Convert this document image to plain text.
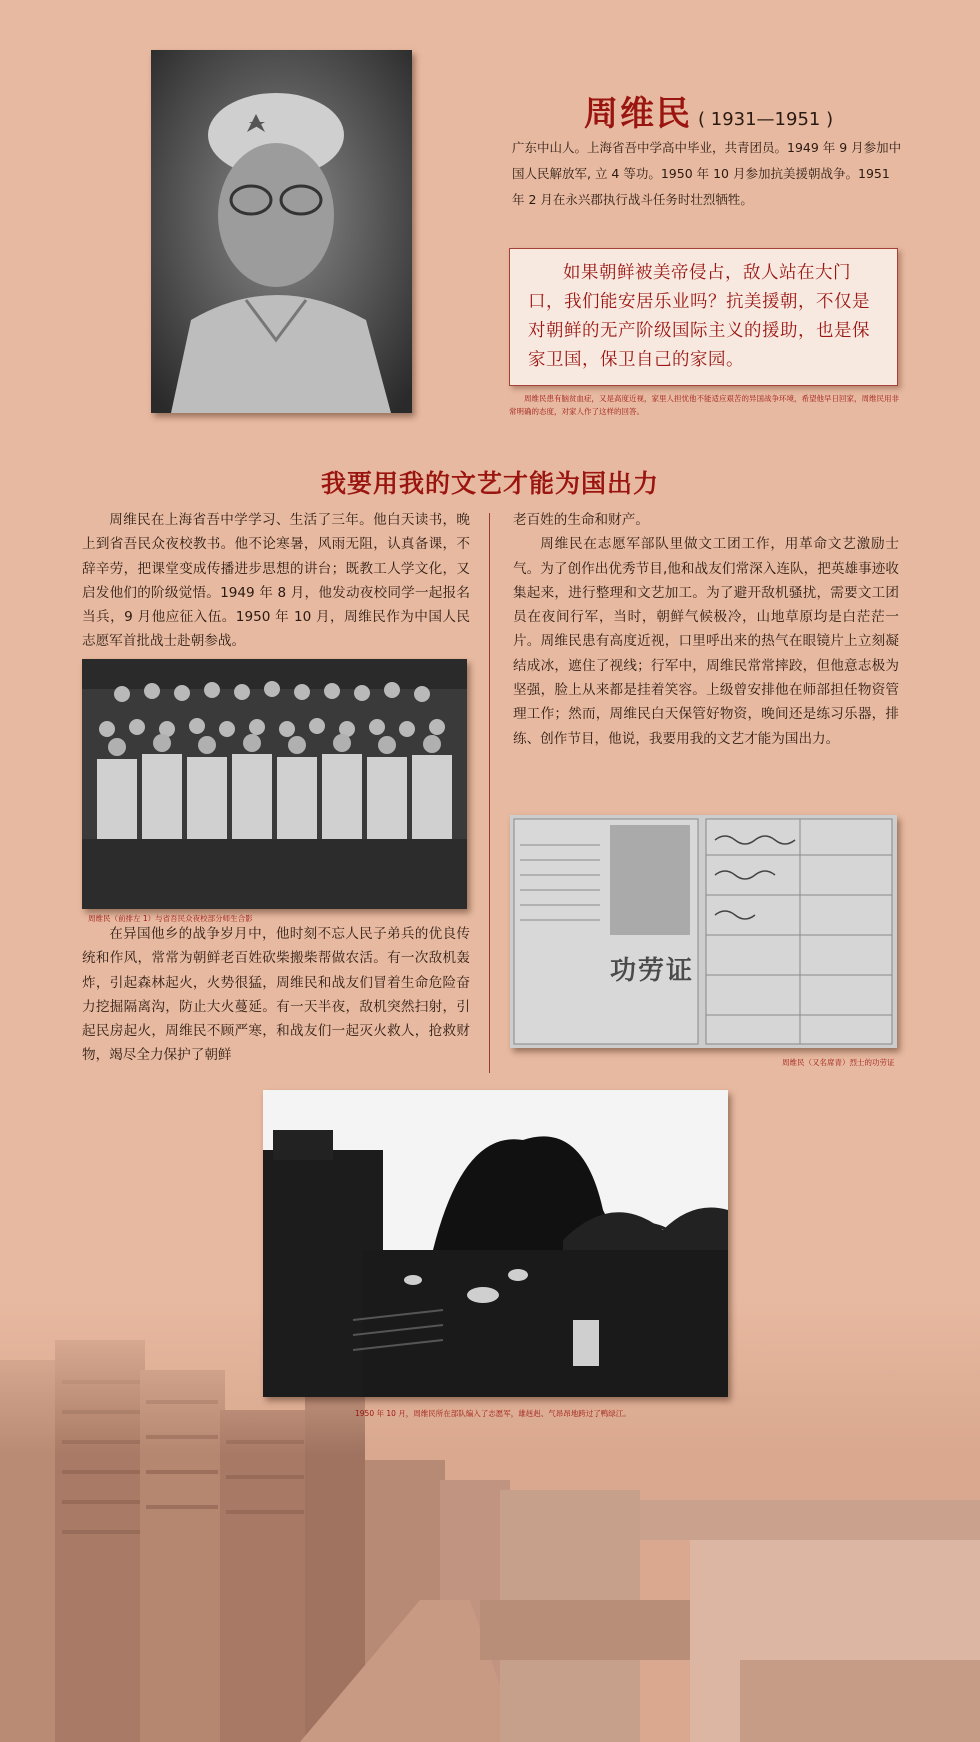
周维民 ( 1931—1951 )
广东中山人。上海省吾中学高中毕业，共青团员。1949 年 9 月参加中国人民解放军, 立 4 等功。1950 年 10 月参加抗美援朝战争。1951 年 2 月在永兴郡执行战斗任务时壮烈牺牲。
如果朝鲜被美帝侵占，敌人站在大门口，我们能安居乐业吗？抗美援朝，不仅是对朝鲜的无产阶级国际主义的援助，也是保家卫国，保卫自己的家园。
周维民患有脑贫血症，又是高度近视，家里人担忧他不能适应艰苦的异国战争环境，希望他早日回家，周维民用非常明确的态度，对家人作了这样的回答。
我要用我的文艺才能为国出力

周维民在上海省吾中学学习、生活了三年。他白天读书，晚上到省吾民众夜校教书。他不论寒暑，风雨无阻，认真备课，不辞辛劳，把课堂变成传播进步思想的讲台；既教工人学文化，又启发他们的阶级觉悟。1949 年 8 月，他发动夜校同学一起报名当兵，9 月他应征入伍。1950 年 10 月，周维民作为中国人民志愿军首批战士赴朝参战。

周维民（前排左 1）与省吾民众夜校部分师生合影

在异国他乡的战争岁月中，他时刻不忘人民子弟兵的优良传统和作风，常常为朝鲜老百姓砍柴搬柴帮做农活。有一次敌机轰炸，引起森林起火，火势很猛，周维民和战友们冒着生命危险奋力挖掘隔离沟，防止大火蔓延。有一天半夜，敌机突然扫射，引起民房起火，周维民不顾严寒，和战友们一起灭火救人，抢救财物，竭尽全力保护了朝鲜

老百姓的生命和财产。

周维民在志愿军部队里做文工团工作，用革命文艺激励士气。为了创作出优秀节目,他和战友们常深入连队，把英雄事迹收集起来，进行整理和文艺加工。为了避开敌机骚扰，需要文工团员在夜间行军，当时，朝鲜气候极冷，山地草原均是白茫茫一片。周维民患有高度近视，口里呼出来的热气在眼镜片上立刻凝结成冰，遮住了视线；行军中，周维民常常摔跤，但他意志极为坚强，脸上从来都是挂着笑容。上级曾安排他在师部担任物资管理工作；然而，周维民白天保管好物资，晚间还是练习乐器，排练、创作节目，他说，我要用我的文艺才能为国出力。

功劳证
周维民（又名席青）烈士的功劳证
1950 年 10 月，周维民所在部队编入了志愿军，雄赳赳、气昂昂地跨过了鸭绿江。
